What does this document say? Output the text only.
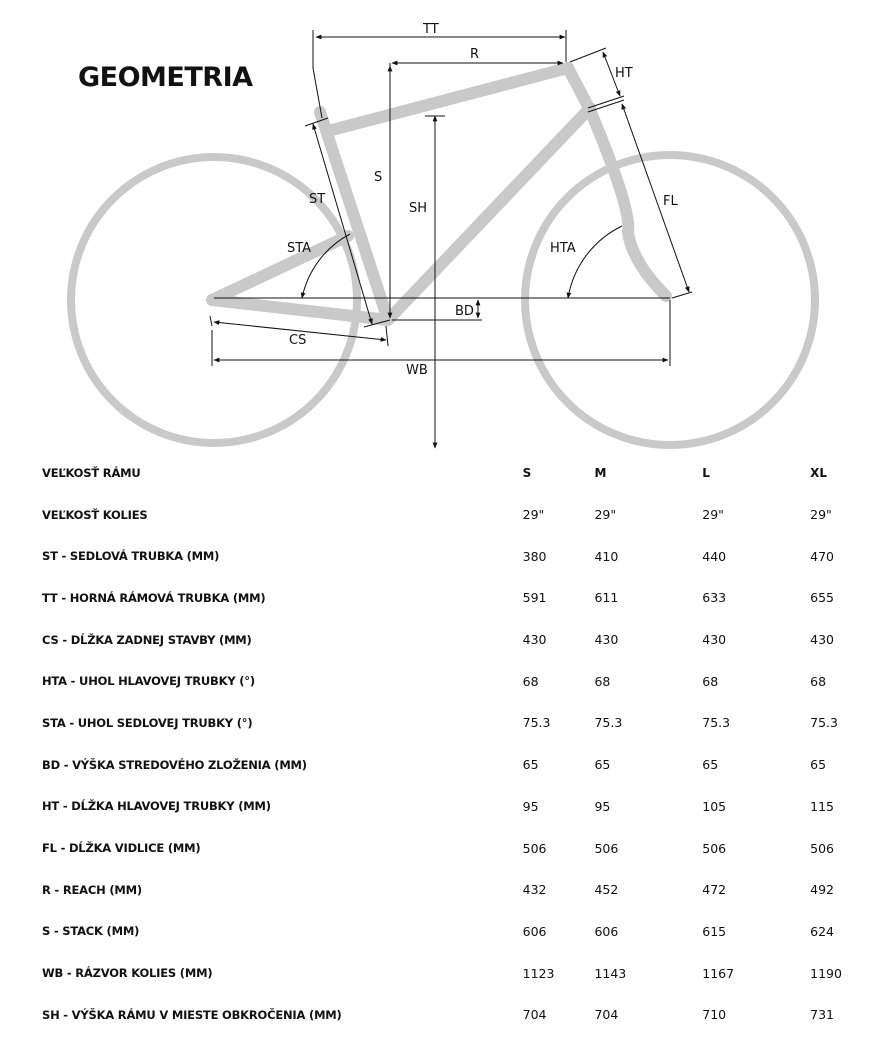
GEOMETRIA
TT
R
HT
S
SH
ST
STA	HTA
FL
BD
CS
WB
VEĽKOSŤ RÁMU	S	M	L	XL
VEĽKOSŤ KOLIES	29"	29"	29"	29"
ST - SEDLOVÁ TRUBKA (MM)	380	410	440	470
TT - HORNÁ RÁMOVÁ TRUBKA (MM)	591	611	633	655
CS - DĹŽKA ZADNEJ STAVBY (MM)	430	430	430	430
HTA - UHOL HLAVOVEJ TRUBKY (°)	68	68	68	68
STA - UHOL SEDLOVEJ TRUBKY (°)	75.3	75.3	75.3	75.3
BD - VÝŠKA STREDOVÉHO ZLOŽENIA (MM)	65	65	65	65
HT - DĹŽKA HLAVOVEJ TRUBKY (MM)	95	95	105	115
FL - DĹŽKA VIDLICE (MM)	506	506	506	506
R - REACH (MM)	432	452	472	492
S - STACK (MM)	606	606	615	624
WB - RÁZVOR KOLIES (MM)	1123	1143	1167	1190
SH - VÝŠKA RÁMU V MIESTE OBKROČENIA (MM)	704	704	710	731
